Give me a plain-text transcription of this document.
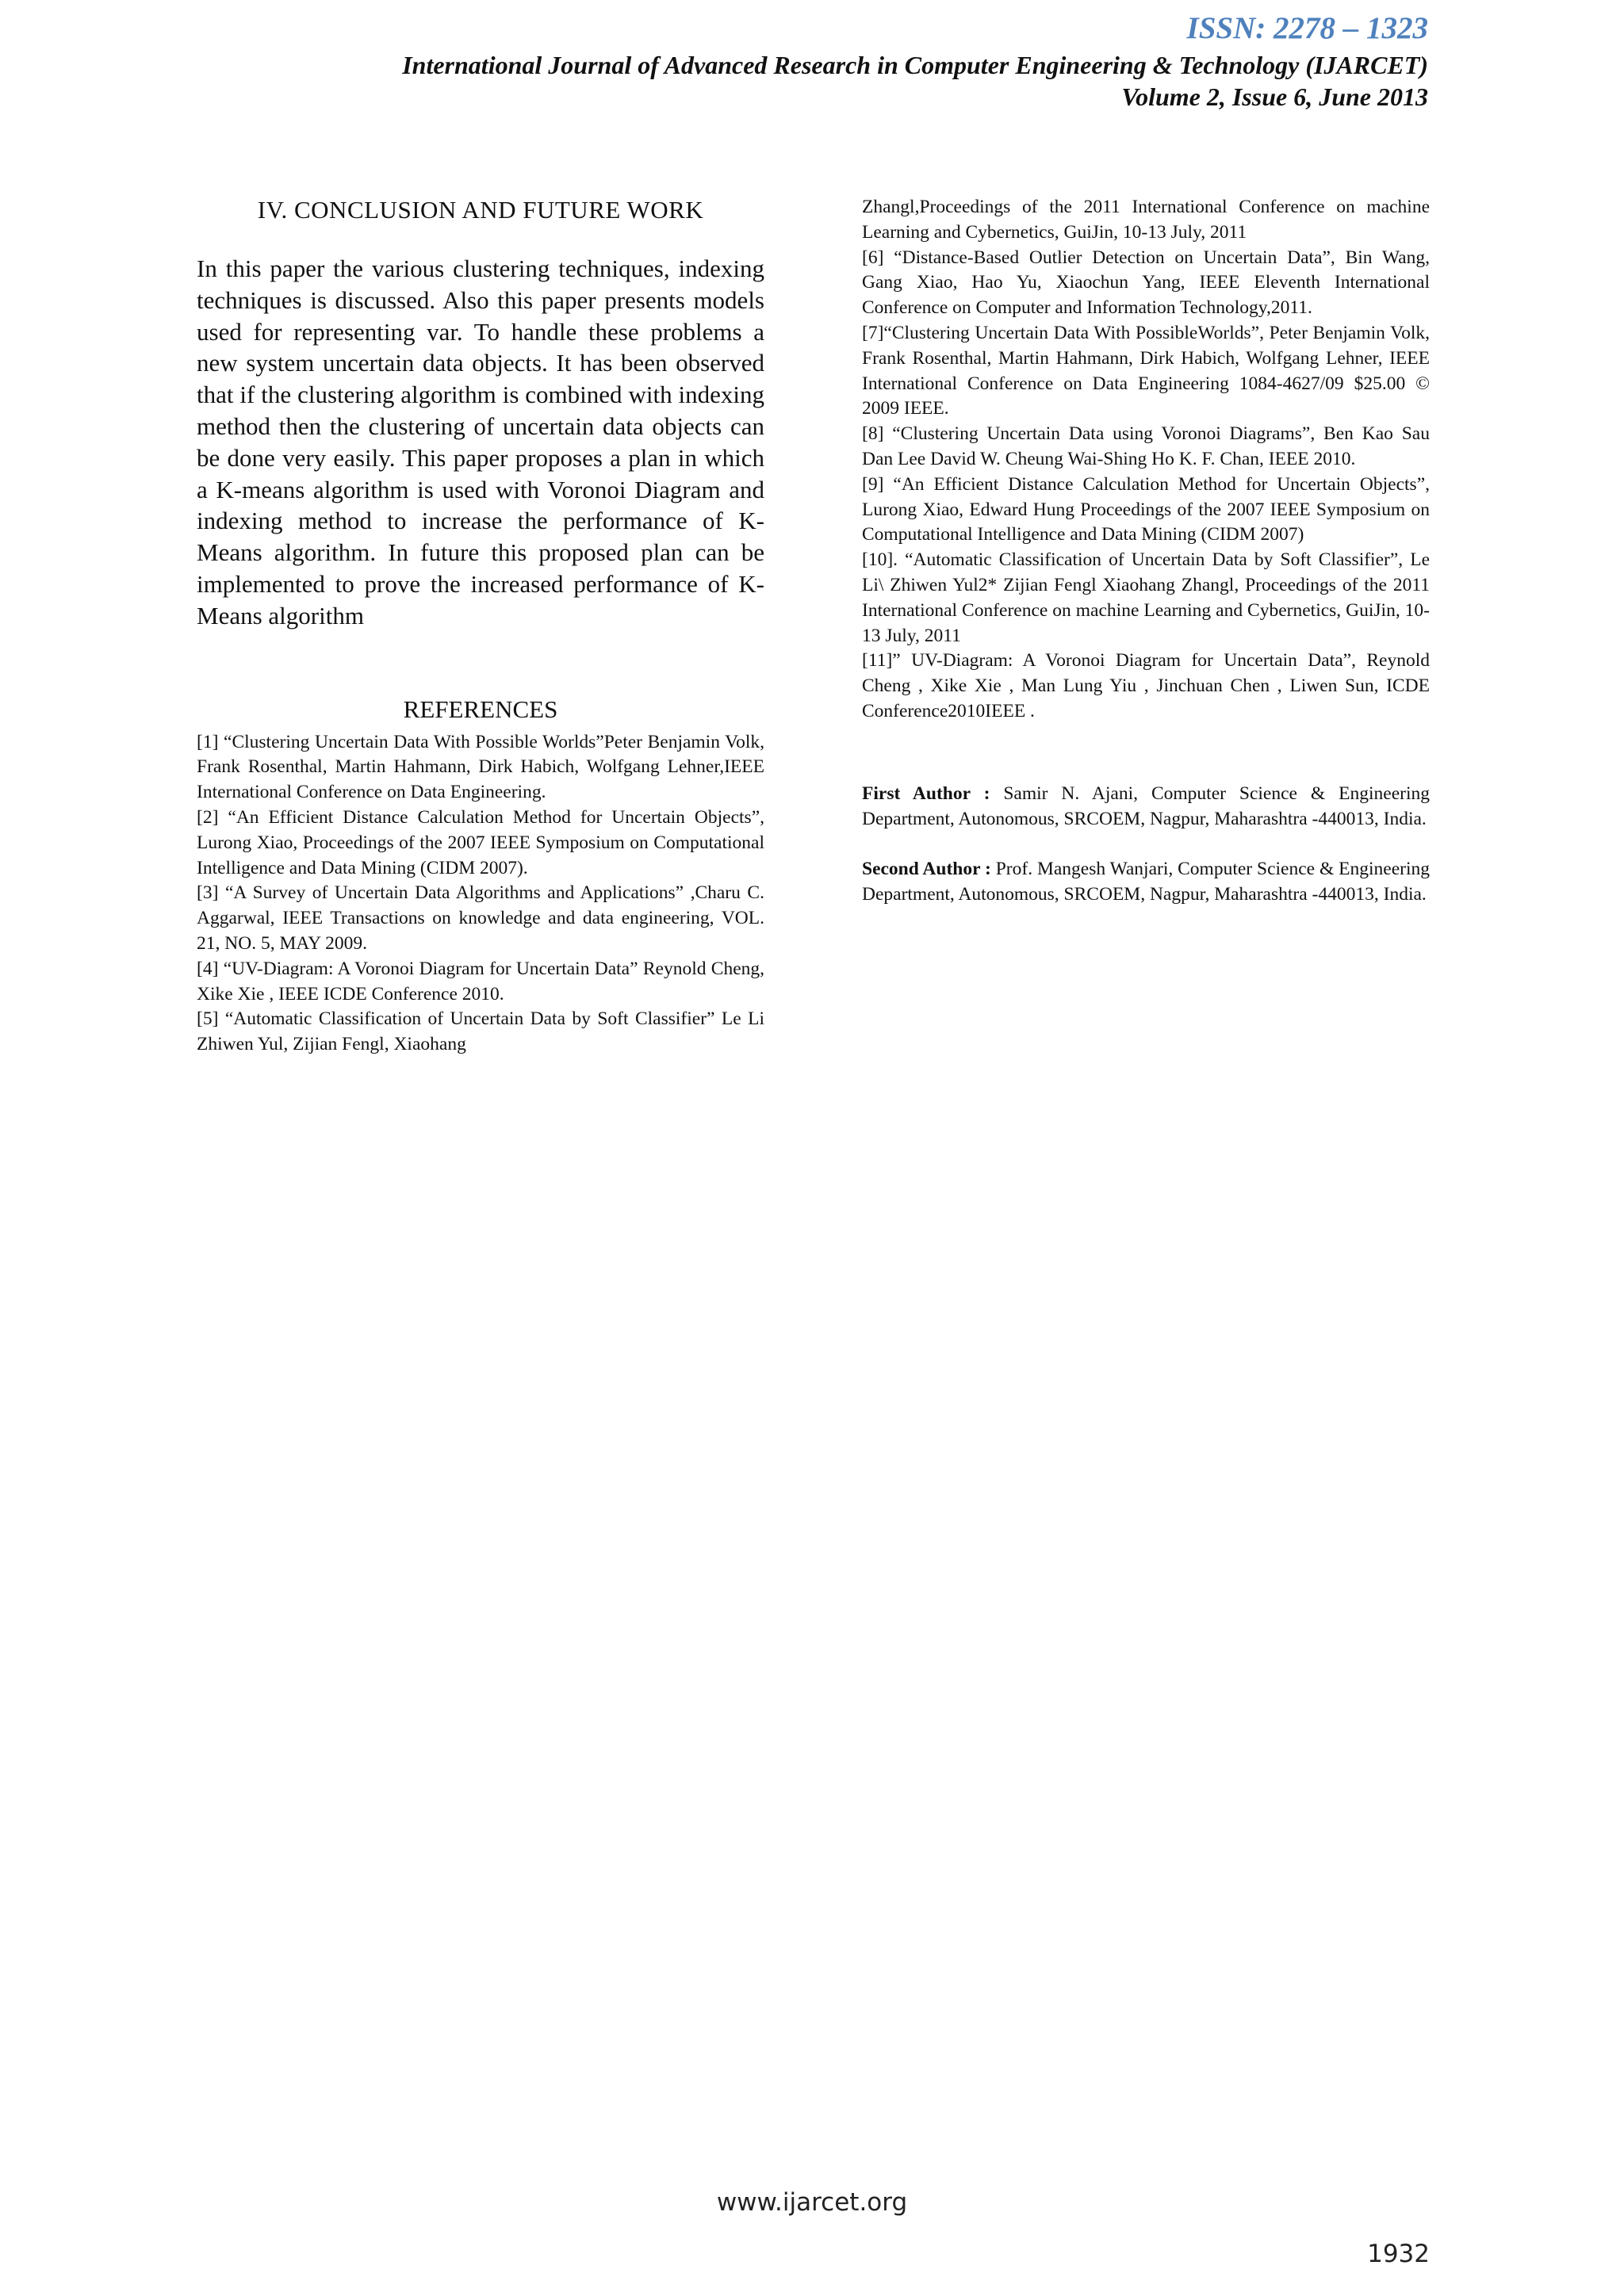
ISSN: 2278 – 1323
International Journal of Advanced Research in Computer Engineering & Technology (IJARCET)
Volume 2, Issue 6, June 2013
IV. CONCLUSION AND FUTURE WORK

In this paper the various clustering techniques, indexing techniques is discussed. Also this paper presents models used for representing var. To handle these problems a new system uncertain data objects. It has been observed that if the clustering algorithm is combined with indexing method then the clustering of uncertain data objects can be done very easily. This paper proposes a plan in which a K-means algorithm is used with Voronoi Diagram and indexing method to increase the performance of K-Means algorithm. In future this proposed plan can be implemented to prove the increased performance of K-Means algorithm

REFERENCES

[1] “Clustering Uncertain Data With Possible Worlds”Peter Benjamin Volk, Frank Rosenthal, Martin Hahmann, Dirk Habich, Wolfgang Lehner,IEEE International Conference on Data Engineering.

[2] “An Efficient Distance Calculation Method for Uncertain Objects”, Lurong Xiao, Proceedings of the 2007 IEEE Symposium on Computational Intelligence and Data Mining (CIDM 2007).

[3] “A Survey of Uncertain Data Algorithms and Applications” ,Charu C. Aggarwal, IEEE Transactions on knowledge and data engineering, VOL. 21, NO. 5, MAY 2009.

[4] “UV-Diagram: A Voronoi Diagram for Uncertain Data” Reynold Cheng, Xike Xie , IEEE ICDE Conference 2010.

[5] “Automatic Classification of Uncertain Data by Soft Classifier” Le Li Zhiwen Yul, Zijian Fengl, Xiaohang

Zhangl,Proceedings of the 2011 International Conference on machine Learning and Cybernetics, GuiJin, 10-13 July, 2011

[6] “Distance-Based Outlier Detection on Uncertain Data”, Bin Wang, Gang Xiao, Hao Yu, Xiaochun Yang, IEEE Eleventh International Conference on Computer and Information Technology,2011.

[7]“Clustering Uncertain Data With PossibleWorlds”, Peter Benjamin Volk, Frank Rosenthal, Martin Hahmann, Dirk Habich, Wolfgang Lehner, IEEE International Conference on Data Engineering 1084-4627/09 $25.00 © 2009 IEEE.

[8] “Clustering Uncertain Data using Voronoi Diagrams”, Ben Kao Sau Dan Lee David W. Cheung Wai-Shing Ho K. F. Chan, IEEE 2010.

[9] “An Efficient Distance Calculation Method for Uncertain Objects”, Lurong Xiao, Edward Hung Proceedings of the 2007 IEEE Symposium on Computational Intelligence and Data Mining (CIDM 2007)

[10]. “Automatic Classification of Uncertain Data by Soft Classifier”, Le Li\ Zhiwen Yul2* Zijian Fengl Xiaohang Zhangl, Proceedings of the 2011 International Conference on machine Learning and Cybernetics, GuiJin, 10-13 July, 2011

[11]” UV-Diagram: A Voronoi Diagram for Uncertain Data”, Reynold Cheng , Xike Xie , Man Lung Yiu , Jinchuan Chen , Liwen Sun, ICDE Conference2010IEEE .

First Author : Samir N. Ajani, Computer Science & Engineering Department, Autonomous, SRCOEM, Nagpur, Maharashtra -440013, India.

Second Author : Prof. Mangesh Wanjari, Computer Science & Engineering Department, Autonomous, SRCOEM, Nagpur, Maharashtra -440013, India.

www.ijarcet.org
1932
